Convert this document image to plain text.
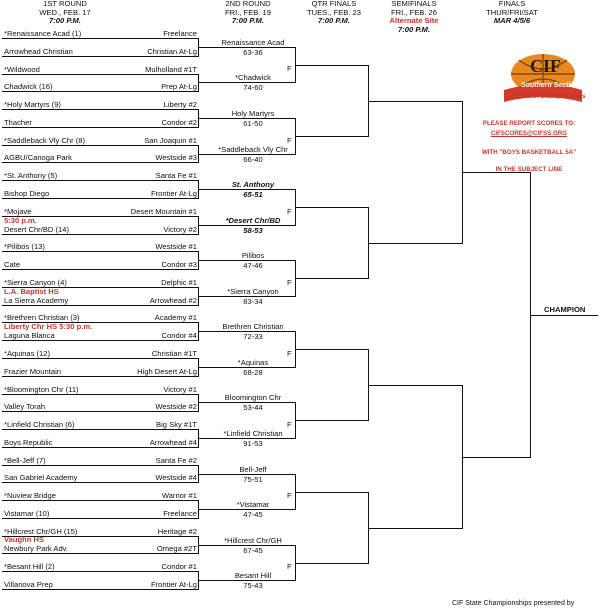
1ST ROUND
WED., FEB. 17
7:00 P.M.
2ND ROUND
FRI., FEB. 19
7:00 P.M.
QTR FINALS
TUES., FEB. 23
7:00 P.M.
SEMIFINALS
FRI., FEB. 26
Alternate Site
7:00 P.M.
FINALS
THUR/FRI/SAT
MAR 4/5/6
*Renaissance Acad (1)	Freelance
Arrowhead Christian	Christian At-Lg
*Wildwood	Mulholland #1T
Chadwick (16)	Prep At-Lg
*Holy Martyrs (9)	Liberty #2
Thacher	Condor #2
*Saddleback Vly Chr (8)	San Joaquin #1
AGBU/Canoga Park	Westside #3
*St. Anthony (5)	Santa Fe #1
Bishop Diego	Frontier At-Lg
*Mojave	Desert Mountain #1
Desert Chr/BD (14)	Victory #2
5:30 p.m.
*Pilibos (13)	Westside #1
Cate	Condor #3
*Sierra Canyon (4)	Delphic #1
La Sierra Academy	Arrowhead #2
L.A. Baptist HS
*Brethren Christian (3)	Academy #1
Laguna Blanca	Condor #4
Liberty Chr HS 5:30 p.m.
*Aquinas (12)	Christian #1T
Frazier Mountain	High Desert At-Lg
*Bloomington Chr (11)	Victory #1
Valley Torah	Westside #2
*Linfield Christian (6)	Big Sky #1T
Boys Republic	Arrowhead #4
*Bell-Jeff (7)	Santa Fe #2
San Gabriel Academy	Westside #4
*Nuview Bridge	Warrior #1
Vistamar (10)	Freelance
*Hillcrest Chr/GH (15)	Heritage #2
Newbury Park Adv.	Omega #2T
Vaughn HS
*Besant Hill (2)	Condor #1
Villanova Prep	Frontier At-Lg
Renaissance Acad
63-36
*Chadwick
74-60
F
Holy Martyrs
61-50
*Saddleback Vly Chr
66-40
F
St. Anthony
65-51
*Desert Chr/BD
58-53
F
Pilibos
47-46
*Sierra Canyon
83-34
F
Brethren Christian
72-33
*Aquinas
68-28
F
Bloomington Chr
53-44
*Linfield Christian
91-53
F
Bell-Jeff
75-51
*Vistamar
47-45
F
*Hillcrest Chr/GH
67-45
Besant Hill
75-43
F
CHAMPION
CIF
Southern Section
TOYOTA Championships
PLEASE REPORT SCORES TO:
CIFSCORES@CIFSS.ORG
WITH "BOYS BASKETBALL 5A"
IN THE SUBJECT LINE
CIF State Championships presented by
